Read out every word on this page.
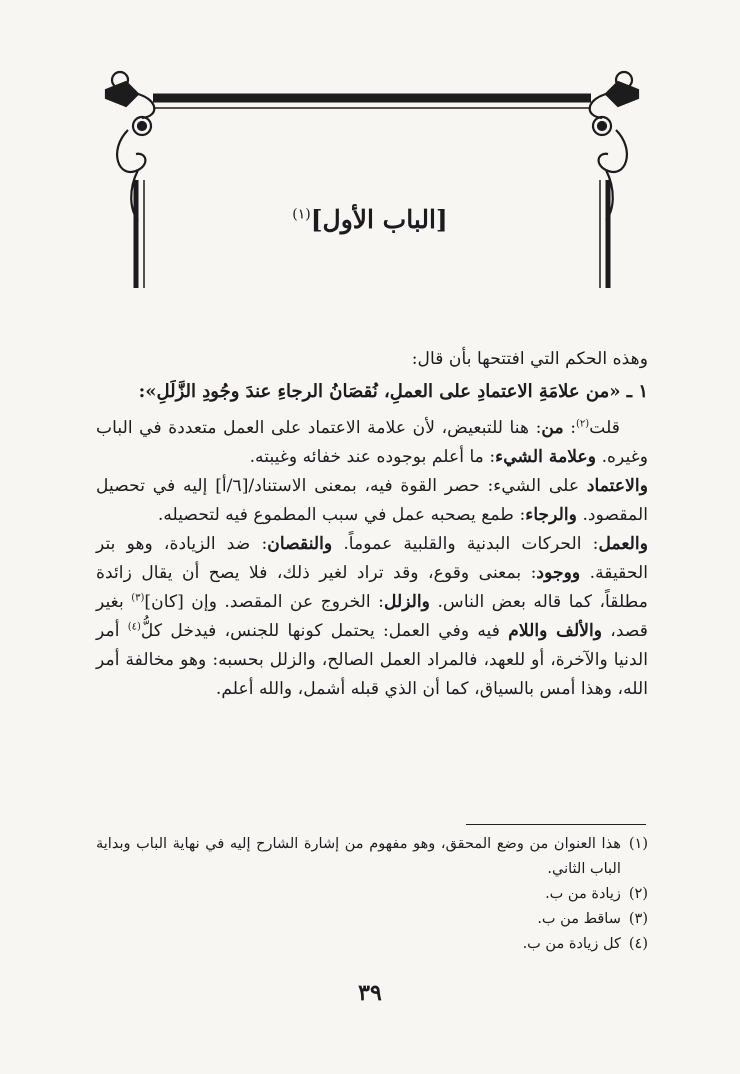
[الباب الأول]$^{(١)}$

وهذه الحكم التي افتتحها بأن قال:

١ ـ «من علامَةِ الاعتمادِ على العملِ، نُقصَانُ الرجاءِ عندَ وجُودِ الزَّلَلِ»:

قلت$^{(٢)}$: من: هنا للتبعيض، لأن علامة الاعتماد على العمل متعددة في الباب وغيره. وعلامة الشيء: ما أعلم بوجوده عند خفائه وغيبته.

والاعتماد على الشيء: حصر القوة فيه، بمعنى الاستناد/[٦/أ] إليه في تحصيل المقصود. والرجاء: طمع يصحبه عمل في سبب المطموع فيه لتحصيله.

والعمل: الحركات البدنية والقلبية عموماً. والنقصان: ضد الزيادة، وهو بتر الحقيقة. ووجود: بمعنى وقوع، وقد تراد لغير ذلك، فلا يصح أن يقال زائدة مطلقاً، كما قاله بعض الناس. والزلل: الخروج عن المقصد. وإن [كان]$^{(٣)}$ بغير قصد، والألف واللام فيه وفي العمل: يحتمل كونها للجنس، فيدخل كلُّ$^{(٤)}$ أمر الدنيا والآخرة، أو للعهد، فالمراد العمل الصالح، والزلل بحسبه: وهو مخالفة أمر الله، وهذا أمس بالسياق، كما أن الذي قبله أشمل، والله أعلم.

(١)
هذا العنوان من وضع المحقق، وهو مفهوم من إشارة الشارح إليه في نهاية الباب وبداية الباب الثاني.
(٢)
زيادة من ب.
(٣)
ساقط من ب.
(٤)
كل زيادة من ب.
٣٩
